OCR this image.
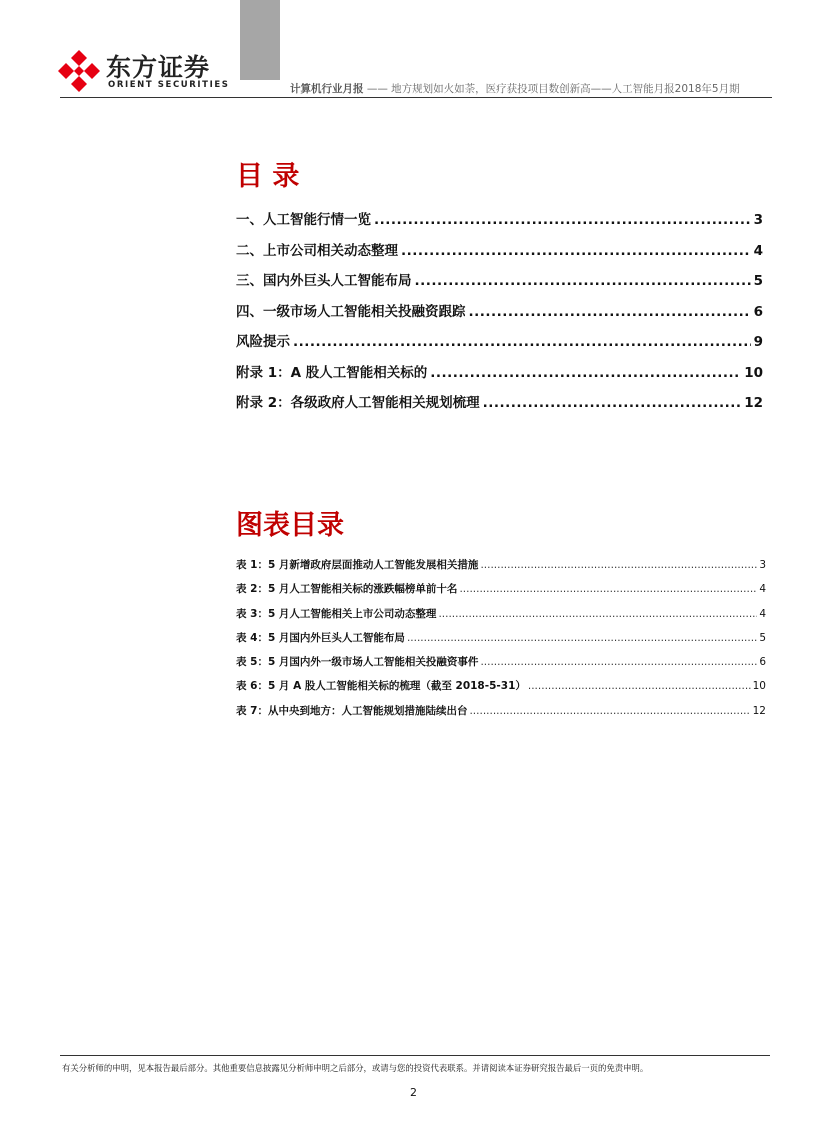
东方证券
ORIENT SECURITIES	计算机行业月报 —— 地方规划如火如荼，医疗获投项目数创新高——人工智能月报2018年5月期
目 录
一、人工智能行情一览 .....	3
二、上市公司相关动态整理 .....	4
三、国内外巨头人工智能布局 .....	5
四、一级市场人工智能相关投融资跟踪 .....	6
风险提示 .....	9
附录 1：A 股人工智能相关标的 .....	10
附录 2：各级政府人工智能相关规划梳理 .....	12
图表目录
表 1：5 月新增政府层面推动人工智能发展相关措施 .....	3
表 2：5 月人工智能相关标的涨跌幅榜单前十名 .....	4
表 3：5 月人工智能相关上市公司动态整理 .....	4
表 4：5 月国内外巨头人工智能布局 .....	5
表 5：5 月国内外一级市场人工智能相关投融资事件 .....	6
表 6：5 月 A 股人工智能相关标的梳理（截至 2018-5-31） .....	10
表 7：从中央到地方：人工智能规划措施陆续出台 .....	12
有关分析师的申明，见本报告最后部分。其他重要信息披露见分析师申明之后部分，或请与您的投资代表联系。并请阅读本证券研究报告最后一页的免责申明。
2
